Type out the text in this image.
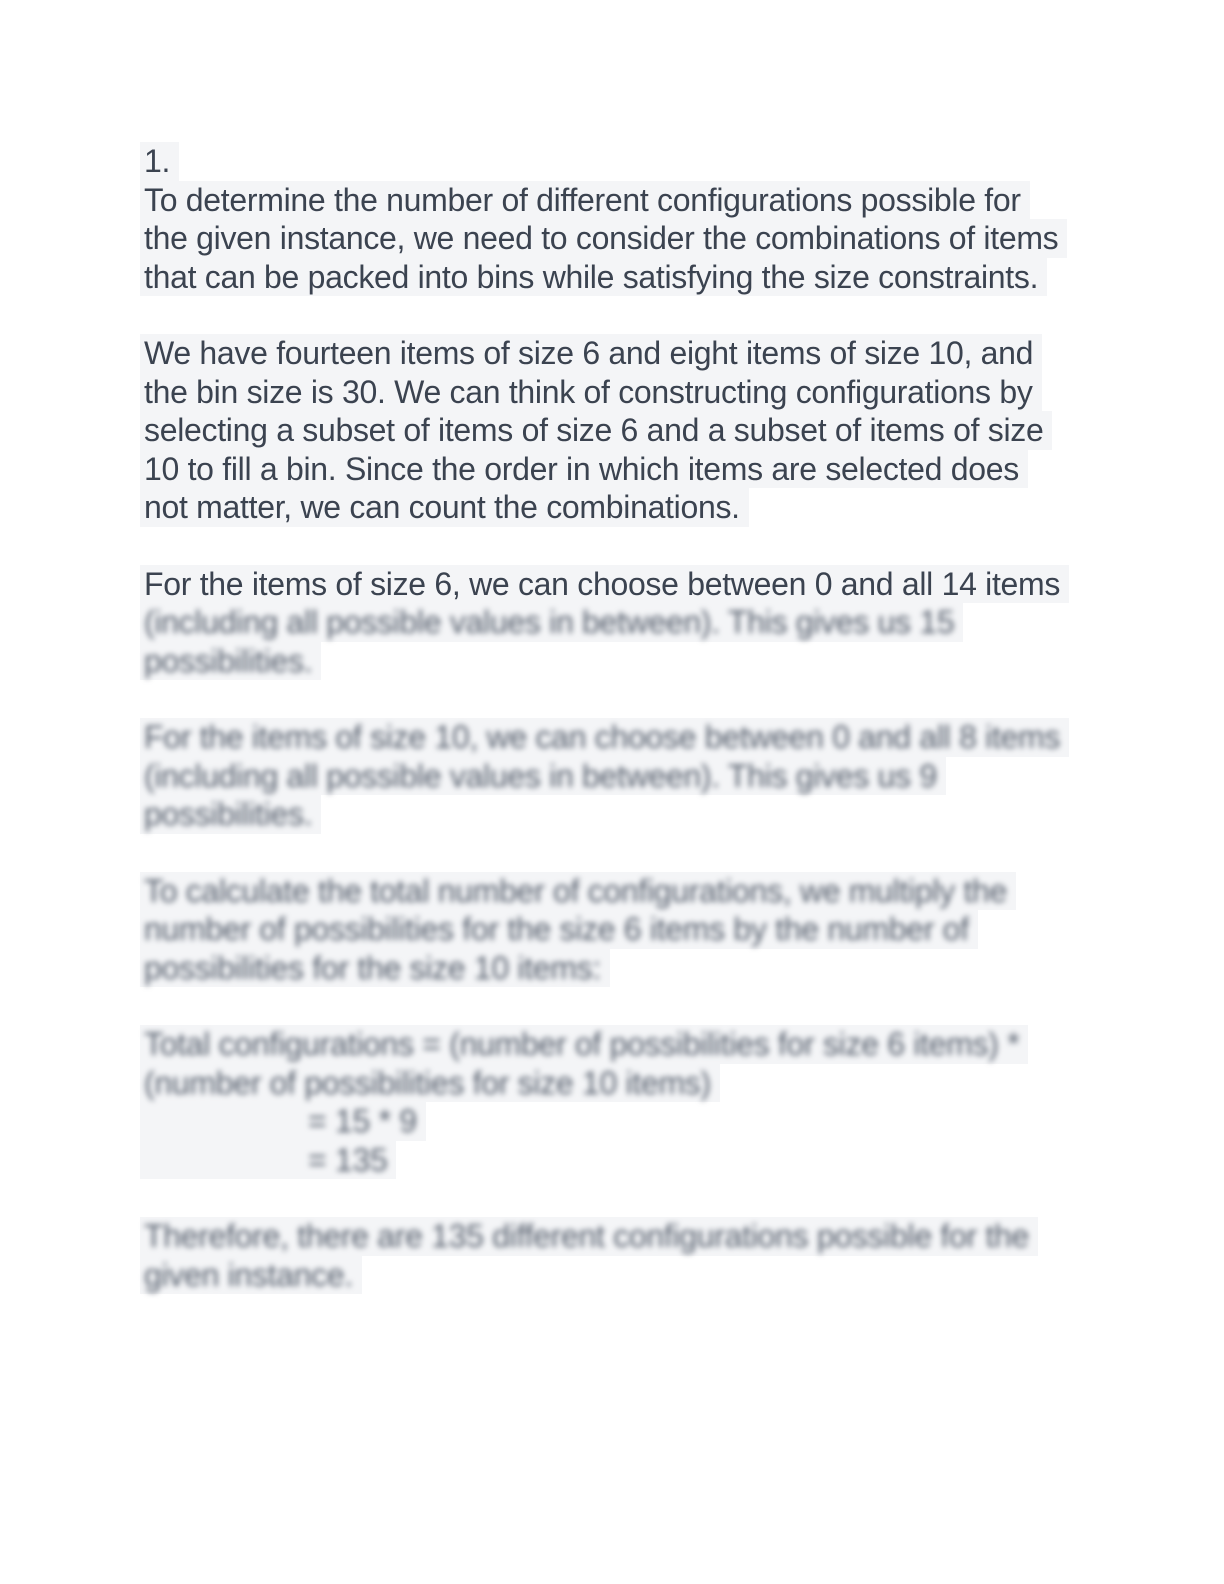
1.
To determine the number of different configurations possible for
the given instance, we need to consider the combinations of items
that can be packed into bins while satisfying the size constraints.
We have fourteen items of size 6 and eight items of size 10, and
the bin size is 30. We can think of constructing configurations by
selecting a subset of items of size 6 and a subset of items of size
10 to fill a bin. Since the order in which items are selected does
not matter, we can count the combinations.
For the items of size 6, we can choose between 0 and all 14 items
(including all possible values in between). This gives us 15
possibilities.
For the items of size 10, we can choose between 0 and all 8 items
(including all possible values in between). This gives us 9
possibilities.
To calculate the total number of configurations, we multiply the
number of possibilities for the size 6 items by the number of
possibilities for the size 10 items:
Total configurations = (number of possibilities for size 6 items) *
(number of possibilities for size 10 items)
= 15 * 9
= 135
Therefore, there are 135 different configurations possible for the
given instance.
